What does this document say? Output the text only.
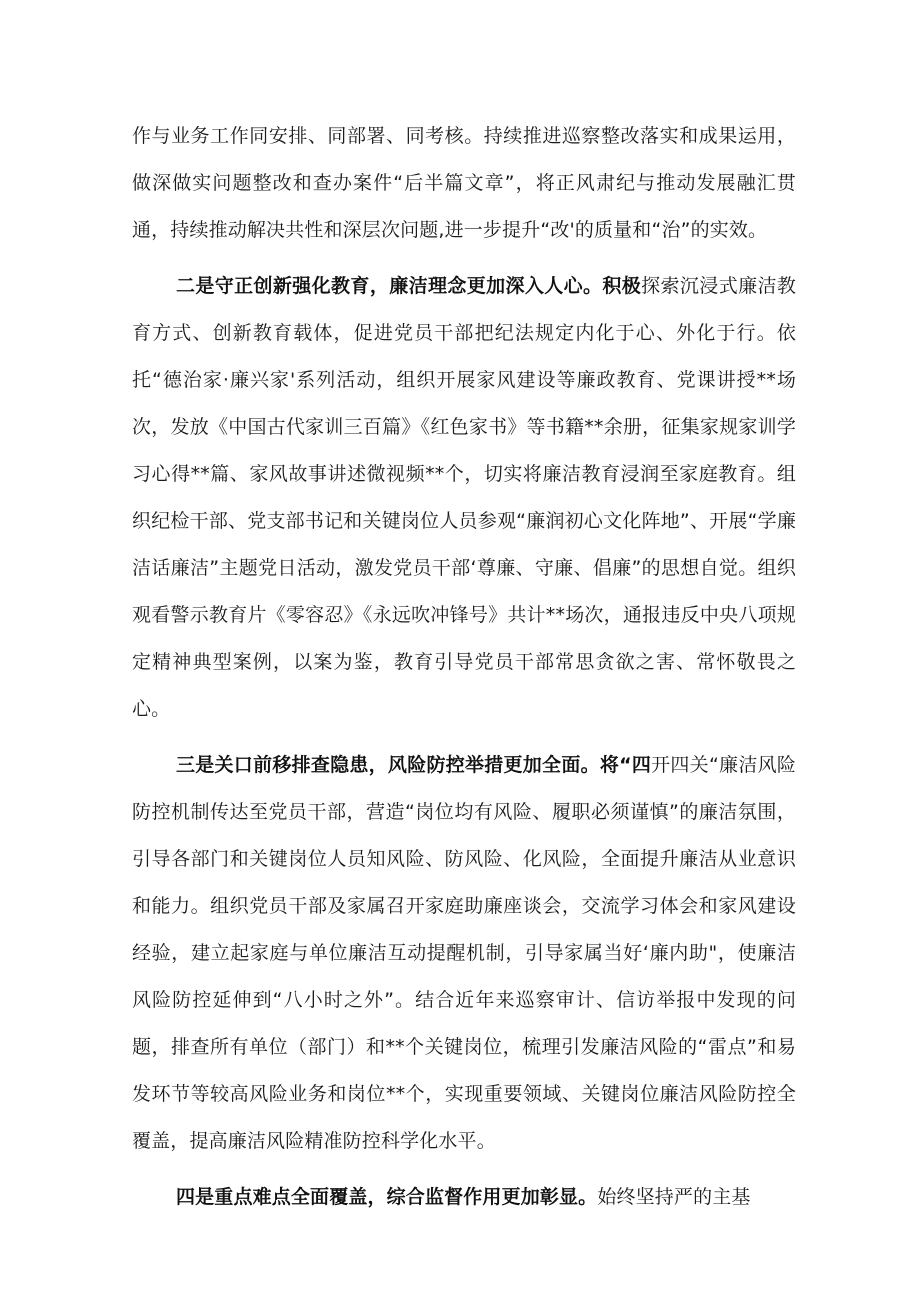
作与业务工作同安排、同部署、同考核。持续推进巡察整改落实和成果运用，做深做实问题整改和查办案件“后半篇文章”，将正风肃纪与推动发展融汇贯通，持续推动解决共性和深层次问题,进一步提升“改'的质量和“治”的实效。

二是守正创新强化教育，廉洁理念更加深入人心。积极探索沉浸式廉洁教育方式、创新教育载体，促进党员干部把纪法规定内化于心、外化于行。依托“德治家·廉兴家'系列活动，组织开展家风建设等廉政教育、党课讲授**场次，发放《中国古代家训三百篇》《红色家书》等书籍**余册，征集家规家训学习心得**篇、家风故事讲述微视频**个，切实将廉洁教育浸润至家庭教育。组织纪检干部、党支部书记和关键岗位人员参观“廉润初心文化阵地”、开展“学廉洁话廉洁”主题党日活动，激发党员干部‘尊廉、守廉、倡廉”的思想自觉。组织观看警示教育片《零容忍》《永远吹冲锋号》共计**场次，通报违反中央八项规定精神典型案例，以案为鉴，教育引导党员干部常思贪欲之害、常怀敬畏之心。

三是关口前移排查隐患，风险防控举措更加全面。将“四开四关“廉洁风险防控机制传达至党员干部，营造“岗位均有风险、履职必须谨慎”的廉洁氛围，引导各部门和关键岗位人员知风险、防风险、化风险，全面提升廉洁从业意识和能力。组织党员干部及家属召开家庭助廉座谈会，交流学习体会和家风建设经验，建立起家庭与单位廉洁互动提醒机制，引导家属当好‘廉内助"，使廉洁风险防控延伸到“八小时之外”。结合近年来巡察审计、信访举报中发现的问题，排查所有单位（部门）和**个关键岗位，梳理引发廉洁风险的“雷点”和易发环节等较高风险业务和岗位**个，实现重要领域、关键岗位廉洁风险防控全覆盖，提高廉洁风险精准防控科学化水平。

四是重点难点全面覆盖，综合监督作用更加彰显。始终坚持严的主基
